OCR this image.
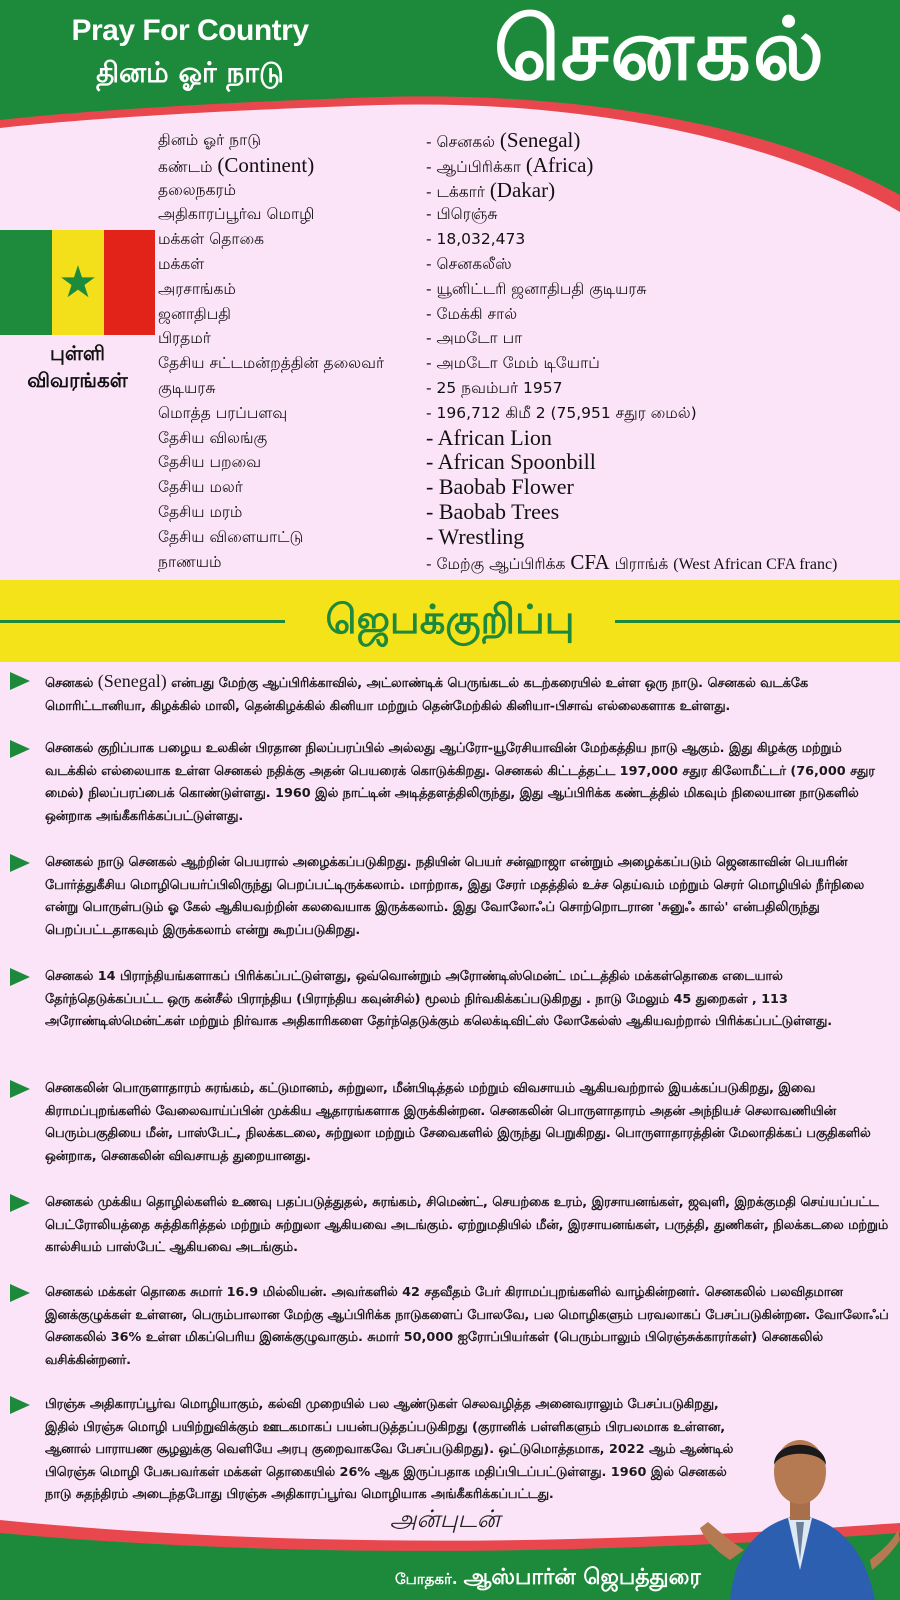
Pray For Country
தினம் ஓர் நாடு	செனகல்
★
புள்ளி
விவரங்கள்
தினம் ஓர் நாடு	- செனகல் (Senegal)
கண்டம் (Continent)	- ஆப்பிரிக்கா (Africa)
தலைநகரம்	- டக்கார் (Dakar)
அதிகாரப்பூர்வ மொழி	- பிரெஞ்சு
மக்கள் தொகை	- 18,032,473
மக்கள்	- செனகலீஸ்
அரசாங்கம்	- யூனிட்டரி ஜனாதிபதி குடியரசு
ஜனாதிபதி	- மேக்கி சால்
பிரதமர்	- அமடோ பா
தேசிய சட்டமன்றத்தின் தலைவர்	- அமடோ மேம் டியோப்
குடியரசு	- 25 நவம்பர் 1957
மொத்த பரப்பளவு	- 196,712 கிமீ 2 (75,951 சதுர மைல்)
தேசிய விலங்கு	- African Lion
தேசிய பறவை	- African Spoonbill
தேசிய மலர்	- Baobab Flower
தேசிய மரம்	- Baobab Trees
தேசிய விளையாட்டு	- Wrestling
நாணயம்	- மேற்கு ஆப்பிரிக்க CFA பிராங்க் (West African CFA franc)
ஜெபக்குறிப்பு
செனகல் (Senegal) என்பது மேற்கு ஆப்பிரிக்காவில், அட்லாண்டிக் பெருங்கடல் கடற்கரையில் உள்ள ஒரு நாடு. செனகல் வடக்கே மொரிட்டானியா, கிழக்கில் மாலி, தென்கிழக்கில் கினியா மற்றும் தென்மேற்கில் கினியா-பிசாவ் எல்லைகளாக உள்ளது.
செனகல் குறிப்பாக பழைய உலகின் பிரதான நிலப்பரப்பில் அல்லது ஆப்ரோ-யூரேசியாவின் மேற்கத்திய நாடு ஆகும். இது கிழக்கு மற்றும் வடக்கில் எல்லையாக உள்ள செனகல் நதிக்கு அதன் பெயரைக் கொடுக்கிறது. செனகல் கிட்டத்தட்ட 197,000 சதுர கிலோமீட்டர் (76,000 சதுர மைல்) நிலப்பரப்பைக் கொண்டுள்ளது. 1960 இல் நாட்டின் அடித்தளத்திலிருந்து, இது ஆப்பிரிக்க கண்டத்தில் மிகவும் நிலையான நாடுகளில் ஒன்றாக அங்கீகரிக்கப்பட்டுள்ளது.
செனகல் நாடு செனகல் ஆற்றின் பெயரால் அழைக்கப்படுகிறது. நதியின் பெயர் சன்ஹாஜா என்றும் அழைக்கப்படும் ஜெனகாவின் பெயரின் போர்த்துகீசிய மொழிபெயர்ப்பிலிருந்து பெறப்பட்டிருக்கலாம். மாற்றாக, இது சேரர் மதத்தில் உச்ச தெய்வம் மற்றும் செரர் மொழியில் நீர்நிலை என்று பொருள்படும் ஓ கேல் ஆகியவற்றின் கலவையாக இருக்கலாம். இது வோலோஃப் சொற்றொடரான 'சுனுஃ கால்' என்பதிலிருந்து பெறப்பட்டதாகவும் இருக்கலாம் என்று கூறப்படுகிறது.
செனகல் 14 பிராந்தியங்களாகப் பிரிக்கப்பட்டுள்ளது, ஒவ்வொன்றும் அரோண்டிஸ்மென்ட் மட்டத்தில் மக்கள்தொகை எடையால் தேர்ந்தெடுக்கப்பட்ட ஒரு கன்சீல் பிராந்திய (பிராந்திய கவுன்சில்) மூலம் நிர்வகிக்கப்படுகிறது . நாடு மேலும் 45 துறைகள் , 113 அரோண்டிஸ்மென்ட்கள் மற்றும் நிர்வாக அதிகாரிகளை தேர்ந்தெடுக்கும் கலெக்டிவிட்ஸ் லோகேல்ஸ் ஆகியவற்றால் பிரிக்கப்பட்டுள்ளது.
செனகலின் பொருளாதாரம் சுரங்கம், கட்டுமானம், சுற்றுலா, மீன்பிடித்தல் மற்றும் விவசாயம் ஆகியவற்றால் இயக்கப்படுகிறது, இவை கிராமப்புறங்களில் வேலைவாய்ப்பின் முக்கிய ஆதாரங்களாக இருக்கின்றன. செனகலின் பொருளாதாரம் அதன் அந்நியச் செலாவணியின் பெரும்பகுதியை மீன், பாஸ்பேட், நிலக்கடலை, சுற்றுலா மற்றும் சேவைகளில் இருந்து பெறுகிறது. பொருளாதாரத்தின் மேலாதிக்கப் பகுதிகளில் ஒன்றாக, செனகலின் விவசாயத் துறையானது.
செனகல் முக்கிய தொழில்களில் உணவு பதப்படுத்துதல், சுரங்கம், சிமெண்ட், செயற்கை உரம், இரசாயனங்கள், ஜவுளி, இறக்குமதி செய்யப்பட்ட பெட்ரோலியத்தை சுத்திகரித்தல் மற்றும் சுற்றுலா ஆகியவை அடங்கும். ஏற்றுமதியில் மீன், இரசாயனங்கள், பருத்தி, துணிகள், நிலக்கடலை மற்றும் கால்சியம் பாஸ்பேட் ஆகியவை அடங்கும்.
செனகல் மக்கள் தொகை சுமார் 16.9 மில்லியன். அவர்களில் 42 சதவீதம் பேர் கிராமப்புறங்களில் வாழ்கின்றனர். செனகலில் பலவிதமான இனக்குழுக்கள் உள்ளன, பெரும்பாலான மேற்கு ஆப்பிரிக்க நாடுகளைப் போலவே, பல மொழிகளும் பரவலாகப் பேசப்படுகின்றன. வோலோஃப் செனகலில் 36% உள்ள மிகப்பெரிய இனக்குழுவாகும். சுமார் 50,000 ஐரோப்பியர்கள் (பெரும்பாலும் பிரெஞ்சுக்காரர்கள்) செனகலில் வசிக்கின்றனர்.
பிரஞ்சு அதிகாரப்பூர்வ மொழியாகும், கல்வி முறையில் பல ஆண்டுகள் செலவழித்த அனைவராலும் பேசப்படுகிறது, இதில் பிரஞ்சு மொழி பயிற்றுவிக்கும் ஊடகமாகப் பயன்படுத்தப்படுகிறது (குரானிக் பள்ளிகளும் பிரபலமாக உள்ளன, ஆனால் பாராயண சூழலுக்கு வெளியே அரபு குறைவாகவே பேசப்படுகிறது). ஒட்டுமொத்தமாக, 2022 ஆம் ஆண்டில் பிரெஞ்சு மொழி பேசுபவர்கள் மக்கள் தொகையில் 26% ஆக இருப்பதாக மதிப்பிடப்பட்டுள்ளது. 1960 இல் செனகல் நாடு சுதந்திரம் அடைந்தபோது பிரஞ்சு அதிகாரப்பூர்வ மொழியாக அங்கீகரிக்கப்பட்டது.
அன்புடன்
போதகர். ஆஸ்பார்ன் ஜெபத்துரை
